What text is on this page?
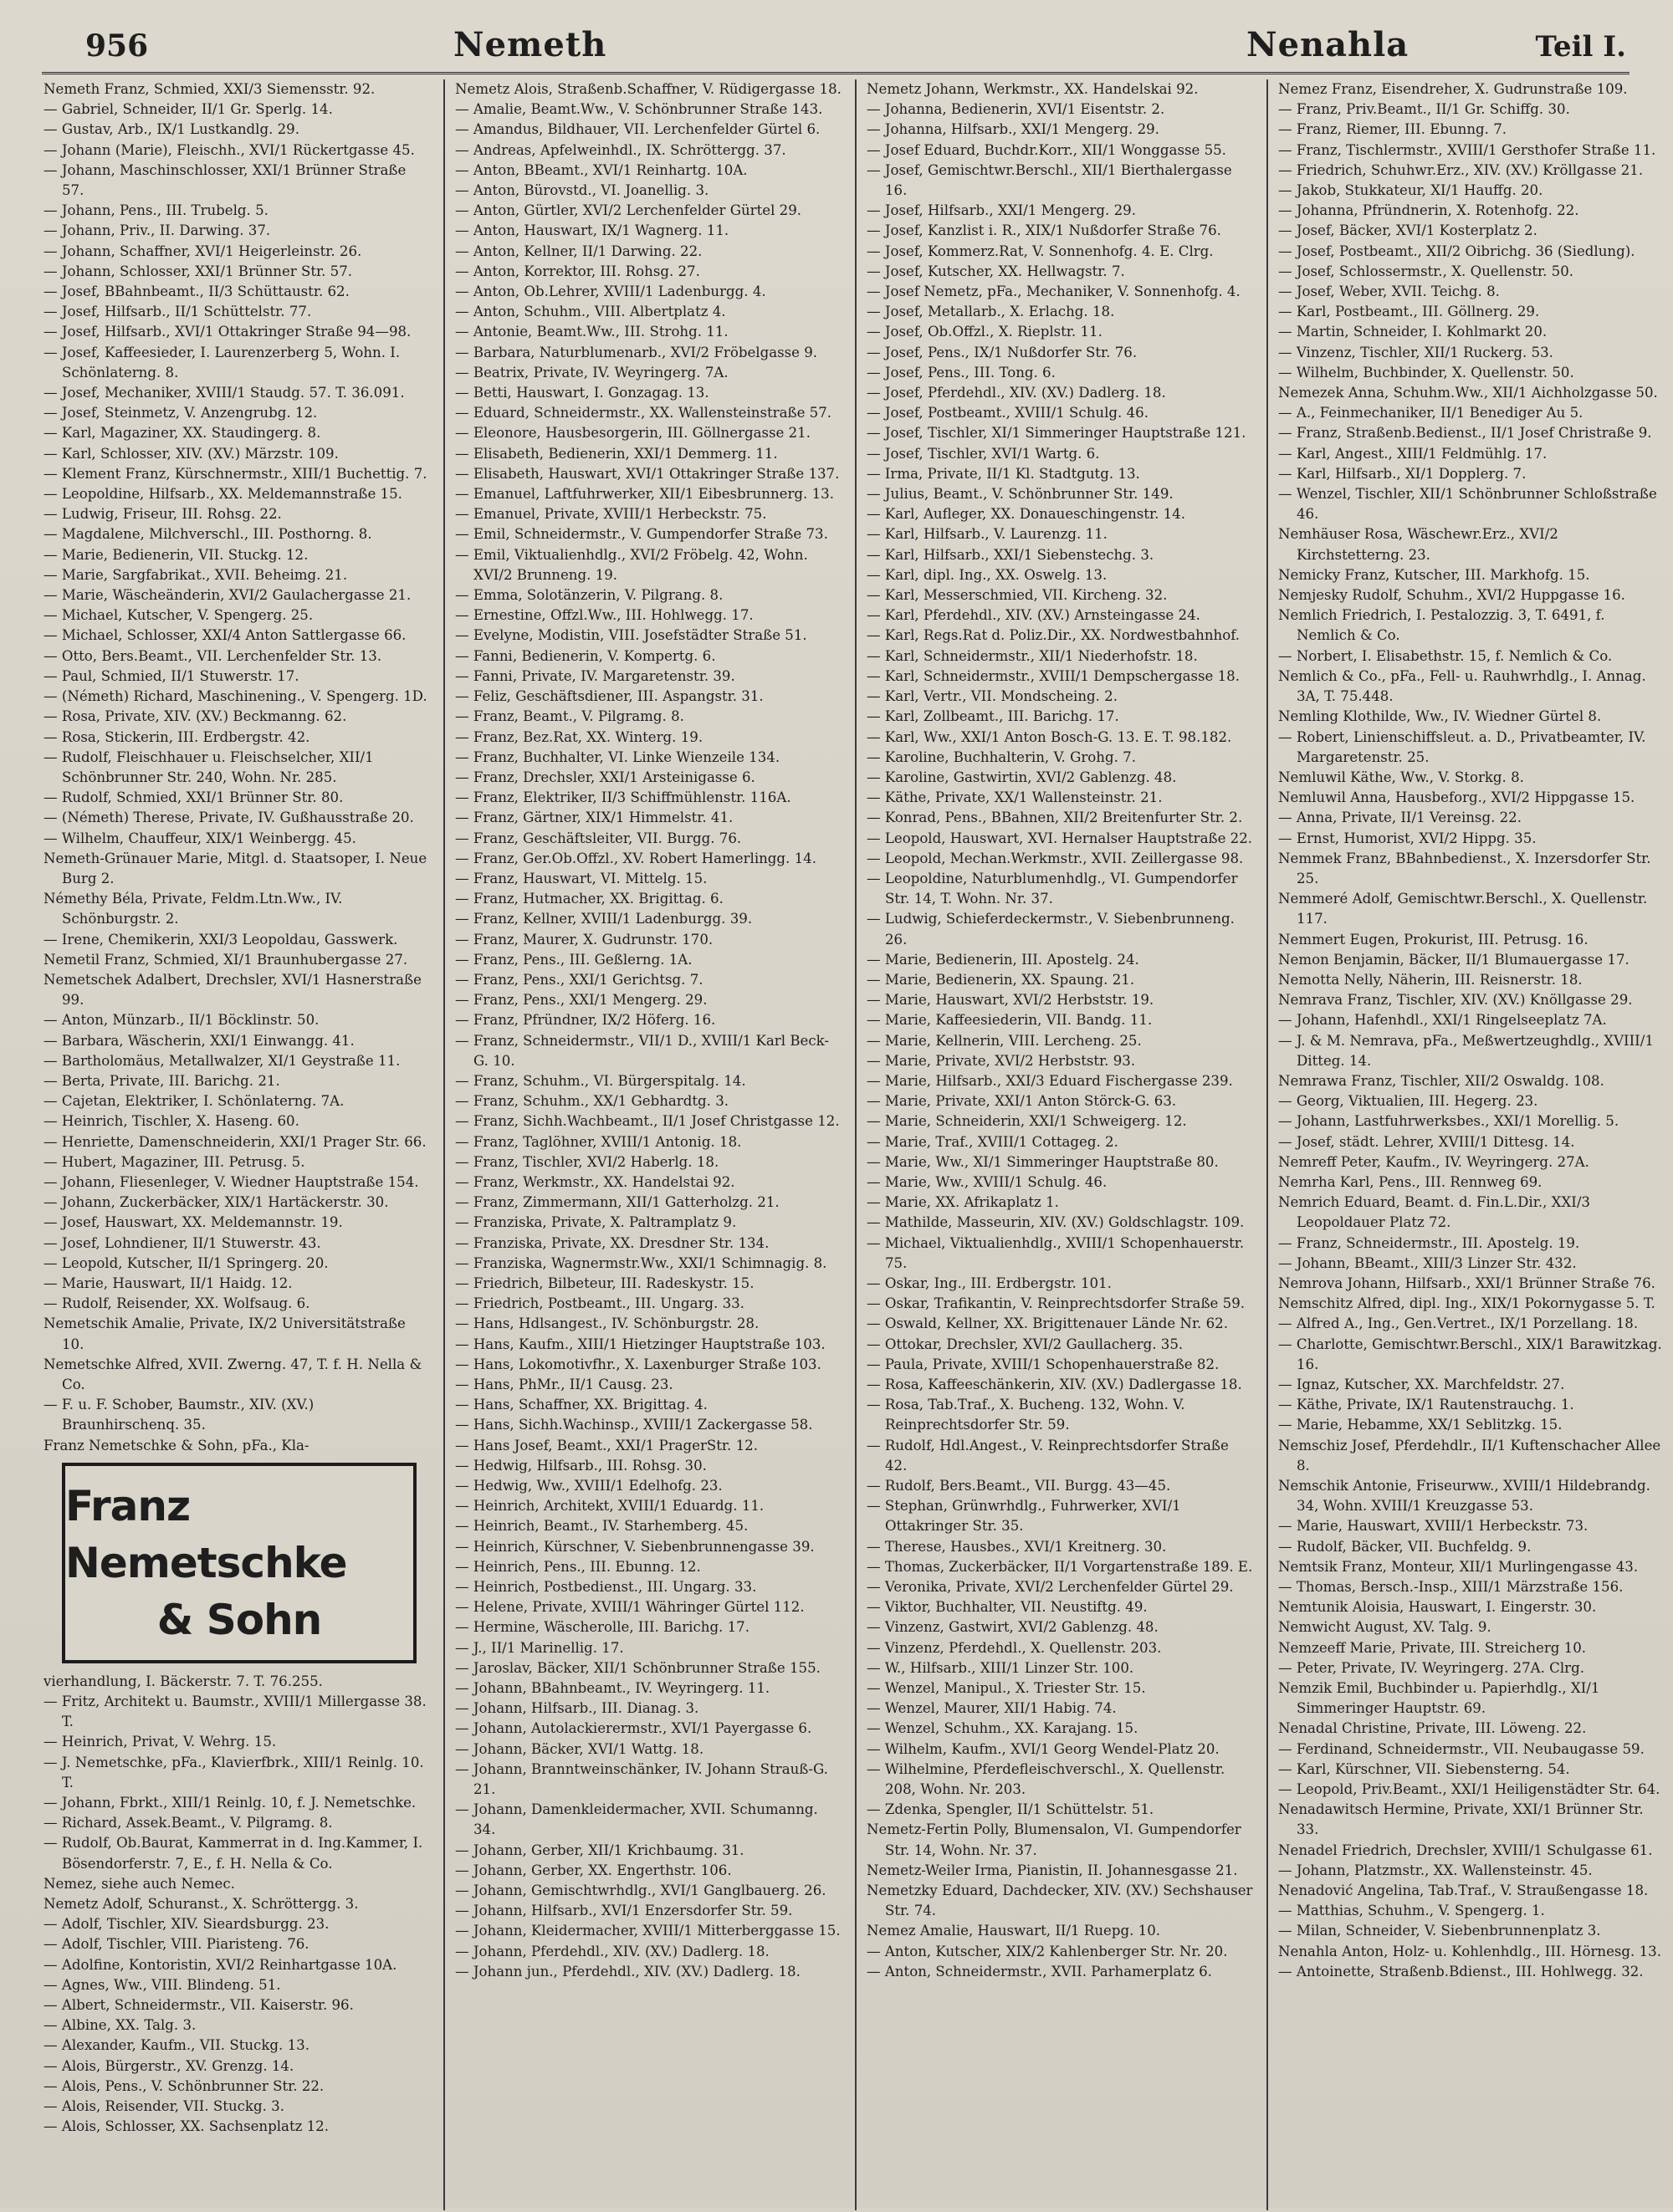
956	Nemeth	Nenahla	Teil I.

Nemeth Franz, Schmied, XXI/3 Siemensstr. 92.

— Gabriel, Schneider, II/1 Gr. Sperlg. 14.

— Gustav, Arb., IX/1 Lustkandlg. 29.

— Johann (Marie), Fleischh., XVI/1 Rückertgasse 45.

— Johann, Maschinschlosser, XXI/1 Brünner Straße 57.

— Johann, Pens., III. Trubelg. 5.

— Johann, Priv., II. Darwing. 37.

— Johann, Schaffner, XVI/1 Heigerleinstr. 26.

— Johann, Schlosser, XXI/1 Brünner Str. 57.

— Josef, BBahnbeamt., II/3 Schüttaustr. 62.

— Josef, Hilfsarb., II/1 Schüttelstr. 77.

— Josef, Hilfsarb., XVI/1 Ottakringer Straße 94—98.

— Josef, Kaffeesieder, I. Laurenzerberg 5, Wohn. I. Schönlaterng. 8.

— Josef, Mechaniker, XVIII/1 Staudg. 57. T. 36.091.

— Josef, Steinmetz, V. Anzengrubg. 12.

— Karl, Magaziner, XX. Staudingerg. 8.

— Karl, Schlosser, XIV. (XV.) Märzstr. 109.

— Klement Franz, Kürschnermstr., XIII/1 Buchettig. 7.

— Leopoldine, Hilfsarb., XX. Meldemannstraße 15.

— Ludwig, Friseur, III. Rohsg. 22.

— Magdalene, Milchverschl., III. Posthorng. 8.

— Marie, Bedienerin, VII. Stuckg. 12.

— Marie, Sargfabrikat., XVII. Beheimg. 21.

— Marie, Wäscheänderin, XVI/2 Gaulachergasse 21.

— Michael, Kutscher, V. Spengerg. 25.

— Michael, Schlosser, XXI/4 Anton Sattlergasse 66.

— Otto, Bers.Beamt., VII. Lerchenfelder Str. 13.

— Paul, Schmied, II/1 Stuwerstr. 17.

— (Németh) Richard, Maschinening., V. Spengerg. 1D.

— Rosa, Private, XIV. (XV.) Beckmanng. 62.

— Rosa, Stickerin, III. Erdbergstr. 42.

— Rudolf, Fleischhauer u. Fleischselcher, XII/1 Schönbrunner Str. 240, Wohn. Nr. 285.

— Rudolf, Schmied, XXI/1 Brünner Str. 80.

— (Németh) Therese, Private, IV. Gußhausstraße 20.

— Wilhelm, Chauffeur, XIX/1 Weinbergg. 45.

Nemeth-Grünauer Marie, Mitgl. d. Staatsoper, I. Neue Burg 2.

Némethy Béla, Private, Feldm.Ltn.Ww., IV. Schönburgstr. 2.

— Irene, Chemikerin, XXI/3 Leopoldau, Gasswerk.

Nemetil Franz, Schmied, XI/1 Braunhubergasse 27.

Nemetschek Adalbert, Drechsler, XVI/1 Hasnerstraße 99.

— Anton, Münzarb., II/1 Böcklinstr. 50.

— Barbara, Wäscherin, XXI/1 Einwangg. 41.

— Bartholomäus, Metallwalzer, XI/1 Geystraße 11.

— Berta, Private, III. Barichg. 21.

— Cajetan, Elektriker, I. Schönlaterng. 7A.

— Heinrich, Tischler, X. Haseng. 60.

— Henriette, Damenschneiderin, XXI/1 Prager Str. 66.

— Hubert, Magaziner, III. Petrusg. 5.

— Johann, Fliesenleger, V. Wiedner Hauptstraße 154.

— Johann, Zuckerbäcker, XIX/1 Hartäckerstr. 30.

— Josef, Hauswart, XX. Meldemannstr. 19.

— Josef, Lohndiener, II/1 Stuwerstr. 43.

— Leopold, Kutscher, II/1 Springerg. 20.

— Marie, Hauswart, II/1 Haidg. 12.

— Rudolf, Reisender, XX. Wolfsaug. 6.

Nemetschik Amalie, Private, IX/2 Universitätstraße 10.

Nemetschke Alfred, XVII. Zwerng. 47, T. f. H. Nella & Co.

— F. u. F. Schober, Baumstr., XIV. (XV.) Braunhirschenq. 35.

Franz Nemetschke & Sohn, pFa., Kla-

Franz Nemetschke
& Sohn

vierhandlung, I. Bäckerstr. 7. T. 76.255.

— Fritz, Architekt u. Baumstr., XVIII/1 Millergasse 38. T.

— Heinrich, Privat, V. Wehrg. 15.

— J. Nemetschke, pFa., Klavierfbrk., XIII/1 Reinlg. 10. T.

— Johann, Fbrkt., XIII/1 Reinlg. 10, f. J. Nemetschke.

— Richard, Assek.Beamt., V. Pilgramg. 8.

— Rudolf, Ob.Baurat, Kammerrat in d. Ing.Kammer, I. Bösendorferstr. 7, E., f. H. Nella & Co.

Nemez, siehe auch Nemec.

Nemetz Adolf, Schuranst., X. Schröttergg. 3.

— Adolf, Tischler, XIV. Sieardsburgg. 23.

— Adolf, Tischler, VIII. Piaristeng. 76.

— Adolfine, Kontoristin, XVI/2 Reinhartgasse 10A.

— Agnes, Ww., VIII. Blindeng. 51.

— Albert, Schneidermstr., VII. Kaiserstr. 96.

— Albine, XX. Talg. 3.

— Alexander, Kaufm., VII. Stuckg. 13.

— Alois, Bürgerstr., XV. Grenzg. 14.

— Alois, Pens., V. Schönbrunner Str. 22.

— Alois, Reisender, VII. Stuckg. 3.

— Alois, Schlosser, XX. Sachsenplatz 12.

Nemetz Alois, Straßenb.Schaffner, V. Rüdigergasse 18.

— Amalie, Beamt.Ww., V. Schönbrunner Straße 143.

— Amandus, Bildhauer, VII. Lerchenfelder Gürtel 6.

— Andreas, Apfelweinhdl., IX. Schröttergg. 37.

— Anton, BBeamt., XVI/1 Reinhartg. 10A.

— Anton, Bürovstd., VI. Joanellig. 3.

— Anton, Gürtler, XVI/2 Lerchenfelder Gürtel 29.

— Anton, Hauswart, IX/1 Wagnerg. 11.

— Anton, Kellner, II/1 Darwing. 22.

— Anton, Korrektor, III. Rohsg. 27.

— Anton, Ob.Lehrer, XVIII/1 Ladenburgg. 4.

— Anton, Schuhm., VIII. Albertplatz 4.

— Antonie, Beamt.Ww., III. Strohg. 11.

— Barbara, Naturblumenarb., XVI/2 Fröbelgasse 9.

— Beatrix, Private, IV. Weyringerg. 7A.

— Betti, Hauswart, I. Gonzagag. 13.

— Eduard, Schneidermstr., XX. Wallensteinstraße 57.

— Eleonore, Hausbesorgerin, III. Göllnergasse 21.

— Elisabeth, Bedienerin, XXI/1 Demmerg. 11.

— Elisabeth, Hauswart, XVI/1 Ottakringer Straße 137.

— Emanuel, Laftfuhrwerker, XII/1 Eibesbrunnerg. 13.

— Emanuel, Private, XVIII/1 Herbeckstr. 75.

— Emil, Schneidermstr., V. Gumpendorfer Straße 73.

— Emil, Viktualienhdlg., XVI/2 Fröbelg. 42, Wohn. XVI/2 Brunneng. 19.

— Emma, Solotänzerin, V. Pilgrang. 8.

— Ernestine, Offzl.Ww., III. Hohlwegg. 17.

— Evelyne, Modistin, VIII. Josefstädter Straße 51.

— Fanni, Bedienerin, V. Kompertg. 6.

— Fanni, Private, IV. Margaretenstr. 39.

— Feliz, Geschäftsdiener, III. Aspangstr. 31.

— Franz, Beamt., V. Pilgramg. 8.

— Franz, Bez.Rat, XX. Winterg. 19.

— Franz, Buchhalter, VI. Linke Wienzeile 134.

— Franz, Drechsler, XXI/1 Arsteinigasse 6.

— Franz, Elektriker, II/3 Schiffmühlenstr. 116A.

— Franz, Gärtner, XIX/1 Himmelstr. 41.

— Franz, Geschäftsleiter, VII. Burgg. 76.

— Franz, Ger.Ob.Offzl., XV. Robert Hamerlingg. 14.

— Franz, Hauswart, VI. Mittelg. 15.

— Franz, Hutmacher, XX. Brigittag. 6.

— Franz, Kellner, XVIII/1 Ladenburgg. 39.

— Franz, Maurer, X. Gudrunstr. 170.

— Franz, Pens., III. Geßlerng. 1A.

— Franz, Pens., XXI/1 Gerichtsg. 7.

— Franz, Pens., XXI/1 Mengerg. 29.

— Franz, Pfründner, IX/2 Höferg. 16.

— Franz, Schneidermstr., VII/1 D., XVIII/1 Karl Beck-G. 10.

— Franz, Schuhm., VI. Bürgerspitalg. 14.

— Franz, Schuhm., XX/1 Gebhardtg. 3.

— Franz, Sichh.Wachbeamt., II/1 Josef Christgasse 12.

— Franz, Taglöhner, XVIII/1 Antonig. 18.

— Franz, Tischler, XVI/2 Haberlg. 18.

— Franz, Werkmstr., XX. Handelstai 92.

— Franz, Zimmermann, XII/1 Gatterholzg. 21.

— Franziska, Private, X. Paltramplatz 9.

— Franziska, Private, XX. Dresdner Str. 134.

— Franziska, Wagnermstr.Ww., XXI/1 Schimnagig. 8.

— Friedrich, Bilbeteur, III. Radeskystr. 15.

— Friedrich, Postbeamt., III. Ungarg. 33.

— Hans, Hdlsangest., IV. Schönburgstr. 28.

— Hans, Kaufm., XIII/1 Hietzinger Hauptstraße 103.

— Hans, Lokomotivfhr., X. Laxenburger Straße 103.

— Hans, PhMr., II/1 Causg. 23.

— Hans, Schaffner, XX. Brigittag. 4.

— Hans, Sichh.Wachinsp., XVIII/1 Zackergasse 58.

— Hans Josef, Beamt., XXI/1 PragerStr. 12.

— Hedwig, Hilfsarb., III. Rohsg. 30.

— Hedwig, Ww., XVIII/1 Edelhofg. 23.

— Heinrich, Architekt, XVIII/1 Eduardg. 11.

— Heinrich, Beamt., IV. Starhemberg. 45.

— Heinrich, Kürschner, V. Siebenbrunnengasse 39.

— Heinrich, Pens., III. Ebunng. 12.

— Heinrich, Postbedienst., III. Ungarg. 33.

— Helene, Private, XVIII/1 Währinger Gürtel 112.

— Hermine, Wäscherolle, III. Barichg. 17.

— J., II/1 Marinellig. 17.

— Jaroslav, Bäcker, XII/1 Schönbrunner Straße 155.

— Johann, BBahnbeamt., IV. Weyringerg. 11.

— Johann, Hilfsarb., III. Dianag. 3.

— Johann, Autolackierermstr., XVI/1 Payergasse 6.

— Johann, Bäcker, XVI/1 Wattg. 18.

— Johann, Branntweinschänker, IV. Johann Strauß-G. 21.

— Johann, Damenkleidermacher, XVII. Schumanng. 34.

— Johann, Gerber, XII/1 Krichbaumg. 31.

— Johann, Gerber, XX. Engerthstr. 106.

— Johann, Gemischtwrhdlg., XVI/1 Ganglbauerg. 26.

— Johann, Hilfsarb., XVI/1 Enzersdorfer Str. 59.

— Johann, Kleidermacher, XVIII/1 Mitterberggasse 15.

— Johann, Pferdehdl., XIV. (XV.) Dadlerg. 18.

— Johann jun., Pferdehdl., XIV. (XV.) Dadlerg. 18.

Nemetz Johann, Werkmstr., XX. Handelskai 92.

— Johanna, Bedienerin, XVI/1 Eisentstr. 2.

— Johanna, Hilfsarb., XXI/1 Mengerg. 29.

— Josef Eduard, Buchdr.Korr., XII/1 Wonggasse 55.

— Josef, Gemischtwr.Berschl., XII/1 Bierthalergasse 16.

— Josef, Hilfsarb., XXI/1 Mengerg. 29.

— Josef, Kanzlist i. R., XIX/1 Nußdorfer Straße 76.

— Josef, Kommerz.Rat, V. Sonnenhofg. 4. E. Clrg.

— Josef, Kutscher, XX. Hellwagstr. 7.

— Josef Nemetz, pFa., Mechaniker, V. Sonnenhofg. 4.

— Josef, Metallarb., X. Erlachg. 18.

— Josef, Ob.Offzl., X. Rieplstr. 11.

— Josef, Pens., IX/1 Nußdorfer Str. 76.

— Josef, Pens., III. Tong. 6.

— Josef, Pferdehdl., XIV. (XV.) Dadlerg. 18.

— Josef, Postbeamt., XVIII/1 Schulg. 46.

— Josef, Tischler, XI/1 Simmeringer Hauptstraße 121.

— Josef, Tischler, XVI/1 Wartg. 6.

— Irma, Private, II/1 Kl. Stadtgutg. 13.

— Julius, Beamt., V. Schönbrunner Str. 149.

— Karl, Aufleger, XX. Donaueschingenstr. 14.

— Karl, Hilfsarb., V. Laurenzg. 11.

— Karl, Hilfsarb., XXI/1 Siebenstechg. 3.

— Karl, dipl. Ing., XX. Oswelg. 13.

— Karl, Messerschmied, VII. Kircheng. 32.

— Karl, Pferdehdl., XIV. (XV.) Arnsteingasse 24.

— Karl, Regs.Rat d. Poliz.Dir., XX. Nordwestbahnhof.

— Karl, Schneidermstr., XII/1 Niederhofstr. 18.

— Karl, Schneidermstr., XVIII/1 Dempschergasse 18.

— Karl, Vertr., VII. Mondscheing. 2.

— Karl, Zollbeamt., III. Barichg. 17.

— Karl, Ww., XXI/1 Anton Bosch-G. 13. E. T. 98.182.

— Karoline, Buchhalterin, V. Grohg. 7.

— Karoline, Gastwirtin, XVI/2 Gablenzg. 48.

— Käthe, Private, XX/1 Wallensteinstr. 21.

— Konrad, Pens., BBahnen, XII/2 Breitenfurter Str. 2.

— Leopold, Hauswart, XVI. Hernalser Hauptstraße 22.

— Leopold, Mechan.Werkmstr., XVII. Zeillergasse 98.

— Leopoldine, Naturblumenhdlg., VI. Gumpendorfer Str. 14, T. Wohn. Nr. 37.

— Ludwig, Schieferdeckermstr., V. Siebenbrunneng. 26.

— Marie, Bedienerin, III. Apostelg. 24.

— Marie, Bedienerin, XX. Spaung. 21.

— Marie, Hauswart, XVI/2 Herbststr. 19.

— Marie, Kaffeesiederin, VII. Bandg. 11.

— Marie, Kellnerin, VIII. Lercheng. 25.

— Marie, Private, XVI/2 Herbststr. 93.

— Marie, Hilfsarb., XXI/3 Eduard Fischergasse 239.

— Marie, Private, XXI/1 Anton Störck-G. 63.

— Marie, Schneiderin, XXI/1 Schweigerg. 12.

— Marie, Traf., XVIII/1 Cottageg. 2.

— Marie, Ww., XI/1 Simmeringer Hauptstraße 80.

— Marie, Ww., XVIII/1 Schulg. 46.

— Marie, XX. Afrikaplatz 1.

— Mathilde, Masseurin, XIV. (XV.) Goldschlagstr. 109.

— Michael, Viktualienhdlg., XVIII/1 Schopenhauerstr. 75.

— Oskar, Ing., III. Erdbergstr. 101.

— Oskar, Trafikantin, V. Reinprechtsdorfer Straße 59.

— Oswald, Kellner, XX. Brigittenauer Lände Nr. 62.

— Ottokar, Drechsler, XVI/2 Gaullacherg. 35.

— Paula, Private, XVIII/1 Schopenhauerstraße 82.

— Rosa, Kaffeeschänkerin, XIV. (XV.) Dadlergasse 18.

— Rosa, Tab.Traf., X. Bucheng. 132, Wohn. V. Reinprechtsdorfer Str. 59.

— Rudolf, Hdl.Angest., V. Reinprechtsdorfer Straße 42.

— Rudolf, Bers.Beamt., VII. Burgg. 43—45.

— Stephan, Grünwrhdlg., Fuhrwerker, XVI/1 Ottakringer Str. 35.

— Therese, Hausbes., XVI/1 Kreitnerg. 30.

— Thomas, Zuckerbäcker, II/1 Vorgartenstraße 189. E.

— Veronika, Private, XVI/2 Lerchenfelder Gürtel 29.

— Viktor, Buchhalter, VII. Neustiftg. 49.

— Vinzenz, Gastwirt, XVI/2 Gablenzg. 48.

— Vinzenz, Pferdehdl., X. Quellenstr. 203.

— W., Hilfsarb., XIII/1 Linzer Str. 100.

— Wenzel, Manipul., X. Triester Str. 15.

— Wenzel, Maurer, XII/1 Habig. 74.

— Wenzel, Schuhm., XX. Karajang. 15.

— Wilhelm, Kaufm., XVI/1 Georg Wendel-Platz 20.

— Wilhelmine, Pferdefleischverschl., X. Quellenstr. 208, Wohn. Nr. 203.

— Zdenka, Spengler, II/1 Schüttelstr. 51.

Nemetz-Fertin Polly, Blumensalon, VI. Gumpendorfer Str. 14, Wohn. Nr. 37.

Nemetz-Weiler Irma, Pianistin, II. Johannesgasse 21.

Nemetzky Eduard, Dachdecker, XIV. (XV.) Sechshauser Str. 74.

Nemez Amalie, Hauswart, II/1 Ruepg. 10.

— Anton, Kutscher, XIX/2 Kahlenberger Str. Nr. 20.

— Anton, Schneidermstr., XVII. Parhamerplatz 6.

Nemez Franz, Eisendreher, X. Gudrunstraße 109.

— Franz, Priv.Beamt., II/1 Gr. Schiffg. 30.

— Franz, Riemer, III. Ebunng. 7.

— Franz, Tischlermstr., XVIII/1 Gersthofer Straße 11.

— Friedrich, Schuhwr.Erz., XIV. (XV.) Kröllgasse 21.

— Jakob, Stukkateur, XI/1 Hauffg. 20.

— Johanna, Pfründnerin, X. Rotenhofg. 22.

— Josef, Bäcker, XVI/1 Kosterplatz 2.

— Josef, Postbeamt., XII/2 Oibrichg. 36 (Siedlung).

— Josef, Schlossermstr., X. Quellenstr. 50.

— Josef, Weber, XVII. Teichg. 8.

— Karl, Postbeamt., III. Göllnerg. 29.

— Martin, Schneider, I. Kohlmarkt 20.

— Vinzenz, Tischler, XII/1 Ruckerg. 53.

— Wilhelm, Buchbinder, X. Quellenstr. 50.

Nemezek Anna, Schuhm.Ww., XII/1 Aichholzgasse 50.

— A., Feinmechaniker, II/1 Benediger Au 5.

— Franz, Straßenb.Bedienst., II/1 Josef Christraße 9.

— Karl, Angest., XIII/1 Feldmühlg. 17.

— Karl, Hilfsarb., XI/1 Dopplerg. 7.

— Wenzel, Tischler, XII/1 Schönbrunner Schloßstraße 46.

Nemhäuser Rosa, Wäschewr.Erz., XVI/2 Kirchstetterng. 23.

Nemicky Franz, Kutscher, III. Markhofg. 15.

Nemjesky Rudolf, Schuhm., XVI/2 Huppgasse 16.

Nemlich Friedrich, I. Pestalozzig. 3, T. 6491, f. Nemlich & Co.

— Norbert, I. Elisabethstr. 15, f. Nemlich & Co.

Nemlich & Co., pFa., Fell- u. Rauhwrhdlg., I. Annag. 3A, T. 75.448.

Nemling Klothilde, Ww., IV. Wiedner Gürtel 8.

— Robert, Linienschiffsleut. a. D., Privatbeamter, IV. Margaretenstr. 25.

Nemluwil Käthe, Ww., V. Storkg. 8.

Nemluwil Anna, Hausbeforg., XVI/2 Hippgasse 15.

— Anna, Private, II/1 Vereinsg. 22.

— Ernst, Humorist, XVI/2 Hippg. 35.

Nemmek Franz, BBahnbedienst., X. Inzersdorfer Str. 25.

Nemmeré Adolf, Gemischtwr.Berschl., X. Quellenstr. 117.

Nemmert Eugen, Prokurist, III. Petrusg. 16.

Nemon Benjamin, Bäcker, II/1 Blumauergasse 17.

Nemotta Nelly, Näherin, III. Reisnerstr. 18.

Nemrava Franz, Tischler, XIV. (XV.) Knöllgasse 29.

— Johann, Hafenhdl., XXI/1 Ringelseeplatz 7A.

— J. & M. Nemrava, pFa., Meßwertzeughdlg., XVIII/1 Ditteg. 14.

Nemrawa Franz, Tischler, XII/2 Oswaldg. 108.

— Georg, Viktualien, III. Hegerg. 23.

— Johann, Lastfuhrwerksbes., XXI/1 Morellig. 5.

— Josef, städt. Lehrer, XVIII/1 Dittesg. 14.

Nemreff Peter, Kaufm., IV. Weyringerg. 27A.

Nemrha Karl, Pens., III. Rennweg 69.

Nemrich Eduard, Beamt. d. Fin.L.Dir., XXI/3 Leopoldauer Platz 72.

— Franz, Schneidermstr., III. Apostelg. 19.

— Johann, BBeamt., XIII/3 Linzer Str. 432.

Nemrova Johann, Hilfsarb., XXI/1 Brünner Straße 76.

Nemschitz Alfred, dipl. Ing., XIX/1 Pokornygasse 5. T.

— Alfred A., Ing., Gen.Vertret., IX/1 Porzellang. 18.

— Charlotte, Gemischtwr.Berschl., XIX/1 Barawitzkag. 16.

— Ignaz, Kutscher, XX. Marchfeldstr. 27.

— Käthe, Private, IX/1 Rautenstrauchg. 1.

— Marie, Hebamme, XX/1 Seblitzkg. 15.

Nemschiz Josef, Pferdehdlr., II/1 Kuftenschacher Allee 8.

Nemschik Antonie, Friseurww., XVIII/1 Hildebrandg. 34, Wohn. XVIII/1 Kreuzgasse 53.

— Marie, Hauswart, XVIII/1 Herbeckstr. 73.

— Rudolf, Bäcker, VII. Buchfeldg. 9.

Nemtsik Franz, Monteur, XII/1 Murlingengasse 43.

— Thomas, Bersch.-Insp., XIII/1 Märzstraße 156.

Nemtunik Aloisia, Hauswart, I. Eingerstr. 30.

Nemwicht August, XV. Talg. 9.

Nemzeeff Marie, Private, III. Streicherg 10.

— Peter, Private, IV. Weyringerg. 27A. Clrg.

Nemzik Emil, Buchbinder u. Papierhdlg., XI/1 Simmeringer Hauptstr. 69.

Nenadal Christine, Private, III. Löweng. 22.

— Ferdinand, Schneidermstr., VII. Neubaugasse 59.

— Karl, Kürschner, VII. Siebensterng. 54.

— Leopold, Priv.Beamt., XXI/1 Heiligenstädter Str. 64.

Nenadawitsch Hermine, Private, XXI/1 Brünner Str. 33.

Nenadel Friedrich, Drechsler, XVIII/1 Schulgasse 61.

— Johann, Platzmstr., XX. Wallensteinstr. 45.

Nenadović Angelina, Tab.Traf., V. Straußengasse 18.

— Matthias, Schuhm., V. Spengerg. 1.

— Milan, Schneider, V. Siebenbrunnenplatz 3.

Nenahla Anton, Holz- u. Kohlenhdlg., III. Hörnesg. 13.

— Antoinette, Straßenb.Bdienst., III. Hohlwegg. 32.
